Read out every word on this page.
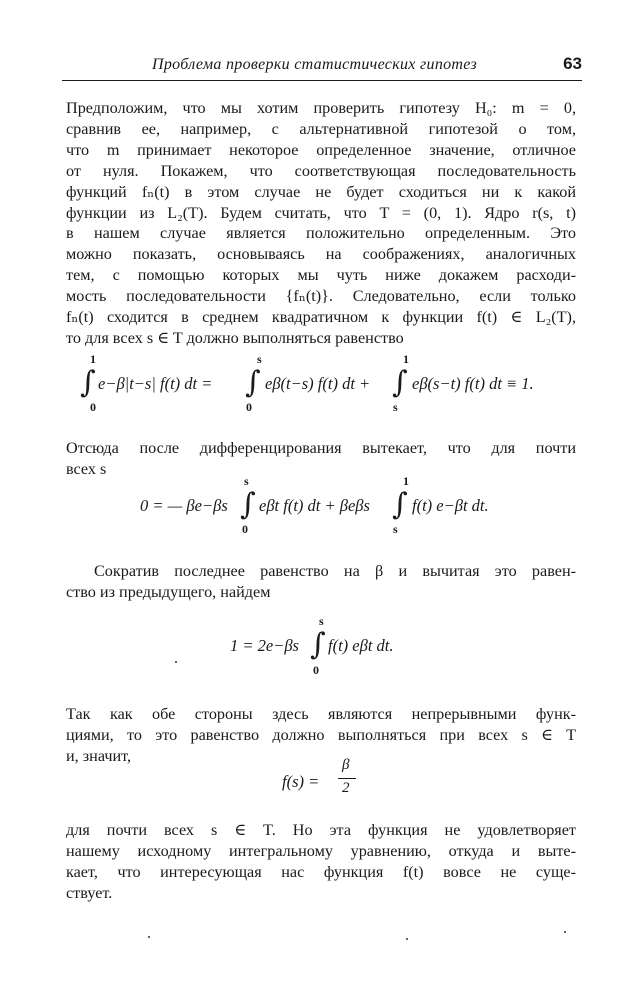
Проблема проверки статистических гипотез	63
Предположим, что мы хотим проверить гипотезу H₀: m = 0,
сравнив ее, например, с альтернативной гипотезой о том,
что m принимает некоторое определенное значение, отличное
от нуля. Покажем, что соответствующая последовательность
функций fₙ(t) в этом случае не будет сходиться ни к какой
функции из L₂(T). Будем считать, что T = (0, 1). Ядро r(s, t)
в нашем случае является положительно определенным. Это
можно показать, основываясь на соображениях, аналогичных
тем, с помощью которых мы чуть ниже докажем расходи-
мость последовательности {fₙ(t)}. Следовательно, если только
fₙ(t) сходится в среднем квадратичном к функции f(t) ∈ L₂(T),
то для всех s ∈ T должно выполняться равенство
1
0
∫ e−β|t−s| f(t) dt =
s
0
∫ eβ(t−s) f(t) dt +
1
s
∫ eβ(s−t) f(t) dt ≡ 1.
Отсюда после дифференцирования вытекает, что для почти
всех s
0 = — βe−βs
s
0
∫ eβt f(t) dt + βeβs
1
s
∫ f(t) e−βt dt.
Сократив последнее равенство на β и вычитая это равен-
ство из предыдущего, найдем
1 = 2e−βs
s
0
∫ f(t) eβt dt.
Так как обе стороны здесь являются непрерывными функ-
циями, то это равенство должно выполняться при всех s ∈ T
и, значит,
f(s) =
β
2
для почти всех s ∈ T. Но эта функция не удовлетворяет
нашему исходному интегральному уравнению, откуда и выте-
кает, что интересующая нас функция f(t) вовсе не суще-
ствует.
